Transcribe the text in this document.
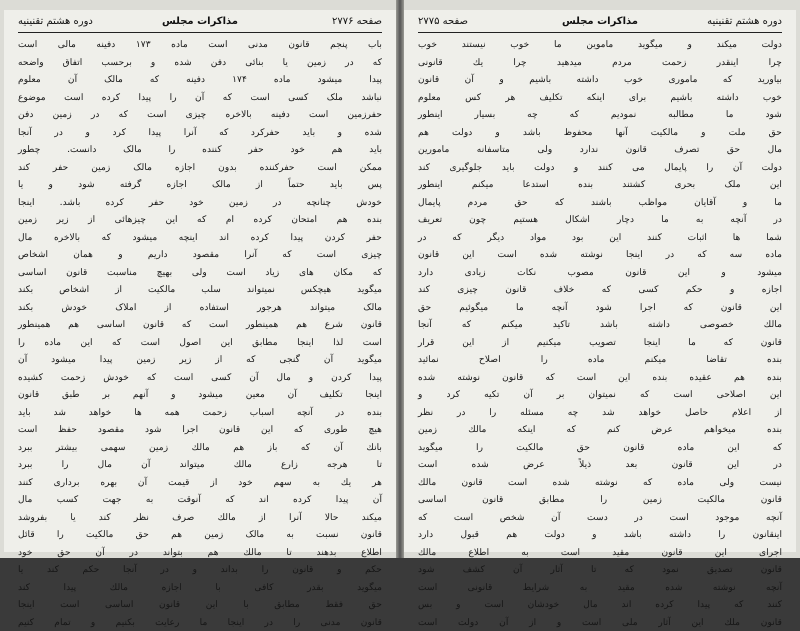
صفحه ۲۷۷۶
مذاکرات مجلس
دوره هشتم تقنینیه
باب پنجم قانون مدنی است ماده ۱۷۳ دفینه مالی است
که در زمین یا بنائی دفن شده و برحسب اتفاق واضحه
پیدا میشود ماده ۱۷۴ دفینه که مالک آن معلوم
نباشد ملک کسی است که آن را پیدا کرده است موضوع
حفرزمین است دفینه بالاخره چیزی است که در زمین دفن
شده و باید حفرکرد که آنرا پیدا کرد و در آنجا
باید هم خود حفر کننده را مالک دانست. چطور
ممکن است حفرکننده بدون اجازه مالک زمین حفر کند
پس باید حتماً از مالک اجازه گرفته شود و یا
خودش چنانچه در زمین خود حفر کرده باشد. اینجا
بنده هم امتحان کرده ام که این چیزهائی از زیر زمین
حفر کردن پیدا کرده اند اینچه میشود که بالاخره مال
چیزی است که آنرا مقصود داریم و همان اشخاص
که مکان های زیاد است ولی بهیچ مناسبت قانون اساسی
میگوید هیچکس نمیتواند سلب مالکیت از اشخاص بکند
مالک میتواند هرجور استفاده از املاک خودش بکند
قانون شرع هم همینطور است که قانون اساسی هم همینطور
است لذا اینجا مطابق این اصول است که این ماده را
میگوید آن گنجی که از زیر زمین پیدا میشود آن
پیدا کردن و مال آن کسی است که خودش زحمت کشیده
اینجا تکلیف آن معین میشود و آنهم بر طبق قانون
بنده در آنچه اسباب زحمت همه ها خواهد شد باید
هیچ طوری که این قانون اجرا شود مقصود حفظ است
بانك آن كه باز هم مالك زمین سهمی بیشتر ببرد
تا هرجه زارع مالك میتواند آن مال را ببرد
هر یك به سهم خود از قیمت آن بهره برداری کنند
آن پیدا کرده اند که آنوقت به جهت کسب مال
میکند حالا آنرا از مالك صرف نظر کند یا بفروشد
قانون نسبت به مالک زمین هم حق مالکیت را قائل
اطلاع بدهند تا مالك هم بتواند در آن حق خود
حکم و قانون را بداند و در آنجا حکم کند یا
میگوید بقدر کافی با اجازه مالك پیدا کند
حق فقط مطابق با این قانون اساسی است اینجا
قانون مدنی را در اینجا ما رعایت بکنیم و تمام کنیم
دوره هشتم تقنینیه
مذاکرات مجلس
صفحه ۲۷۷۵
دولت میکند و میگوید ماموین ما خوب نیستند خوب
چرا اینقدر زحمت مردم میدهید چرا یك قانونی
بیاورید که ماموری خوب داشته باشیم و آن قانون
خوب داشته باشیم برای اینکه تکلیف هر کس معلوم
شود ما مطالبه نمودیم که چه بسیار اینطور
حق ملت و مالکیت آنها محفوظ باشد و دولت هم
مال حق تصرف قانون ندارد ولی متاسفانه مامورین
دولت آن را پایمال می کنند و دولت باید جلوگیری کند
این ملک بحری کشتند بنده استدعا میکنم اینطور
ما و آقایان مواظب باشند که حق مردم پایمال
در آنچه به ما دچار اشکال هستیم چون تعریف
شما ها اثبات کنند این بود مواد دیگر که در
ماده سه که در اینجا نوشته شده است این قانون
میشود و این قانون مصوب نکات زیادی دارد
اجازه و حکم کسی که خلاف قانون چیزی کند
این قانون که اجرا شود آنچه ما میگوئیم حق
مالك خصوصی داشته باشد تاکید میکنم که آنجا
قانون که ما اینجا تصویب میکنیم از این قرار
بنده تقاضا میکنم ماده را اصلاح نمائید
بنده هم عقیده بنده این است که قانون نوشته شده
این اصلاحی است که نمیتوان بر آن تکیه کرد و
از اعلام حاصل خواهد شد چه مسئله را در نظر
بنده میخواهم عرض کنم که اینکه مالك زمین
که این ماده قانون حق مالکیت را میگوید
در این قانون بعد ذیلاً عرض شده است
نیست ولی ماده که نوشته شده است قانون مالك
قانون مالکیت زمین را مطابق قانون اساسی
آنچه موجود است در دست آن شخص است که
اینقانون را داشته باشد و دولت هم قبول دارد
اجرای این قانون مقید است به اطلاع مالك
قانون تصدیق نمود که تا آثار آن کشف شود
آنچه نوشته شده مقید به شرایط قانونی است
کنند که پیدا کرده اند مال خودشان است و بس
قانون ملك این آثار ملی است و از آن دولت است
